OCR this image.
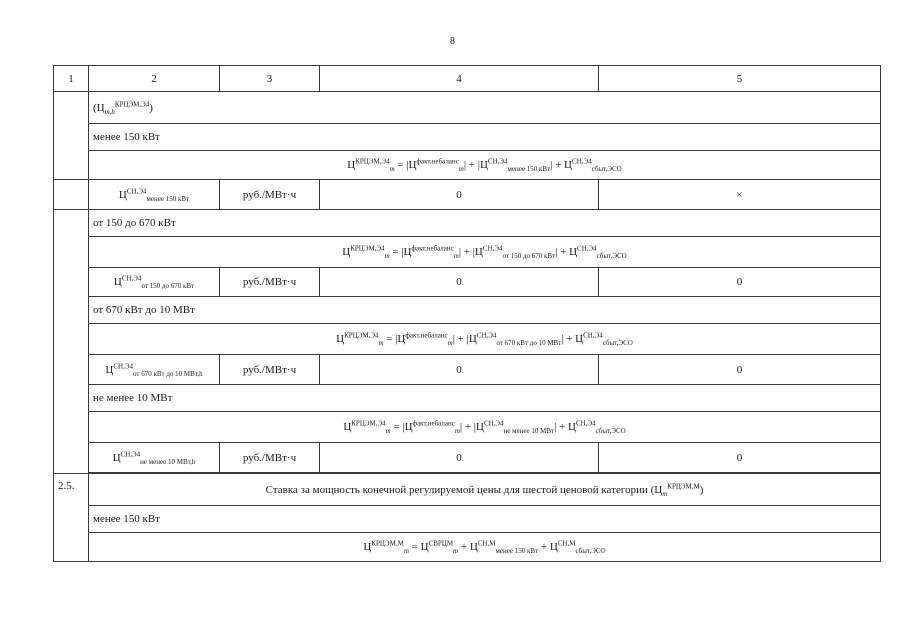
8
1	2	3	4	5
	$(Ц_{m,h}^{КРЦЭМ,Э4})$			
	менее 150 кВт			
	$Ц^{КРЦЭМ,Э4}_m = |Ц^{факт,небаланс}_m| + |Ц^{СН,Э4}_{менее 150 кВт}| + Ц^{СН,Э4}_{сбыт,ЭСО}$
	$Ц^{СН,Э4}_{менее 150 кВт}$	руб./МВт·ч	0	×
	от 150 до 670 кВт			
	$Ц^{КРЦЭМ,Э4}_m = |Ц^{факт,небаланс}_m| + |Ц^{СН,Э4}_{от 150 до 670 кВт}| + Ц^{СН,Э4}_{сбыт,ЭСО}$
	$Ц^{СН,Э4}_{от 150 до 670 кВт}$	руб./МВт·ч	0	0
	от 670 кВт до 10 МВт			
	$Ц^{КРЦЭМ,Э4}_m = |Ц^{факт,небаланс}_m| + |Ц^{СН,Э4}_{от 670 кВт до 10 МВт}| + Ц^{СН,Э4}_{сбыт,ЭСО}$
	$Ц^{СН,Э4}_{от 670 кВт до 10 МВт,h}$	руб./МВт·ч	0	0
	не менее 10 МВт			
	$Ц^{КРЦЭМ,Э4}_m = |Ц^{факт,небаланс}_m| + |Ц^{СН,Э4}_{не менее 10 МВт}| + Ц^{СН,Э4}_{сбыт,ЭСО}$
	$Ц^{СН,Э4}_{не менее 10 МВт,h}$	руб./МВт·ч	0	0

2.5.	Ставка за мощность конечной регулируемой цены для шестой ценовой категории $(Ц_m^{КРЦЭМ,М})$			
	менее 150 кВт			
	$Ц^{КРЦЭМ,М}_m = Ц^{СВРЦМ}_m + Ц^{СН,М}_{менее 150 кВт} + Ц^{СН,М}_{сбыт,ЭСО}$
